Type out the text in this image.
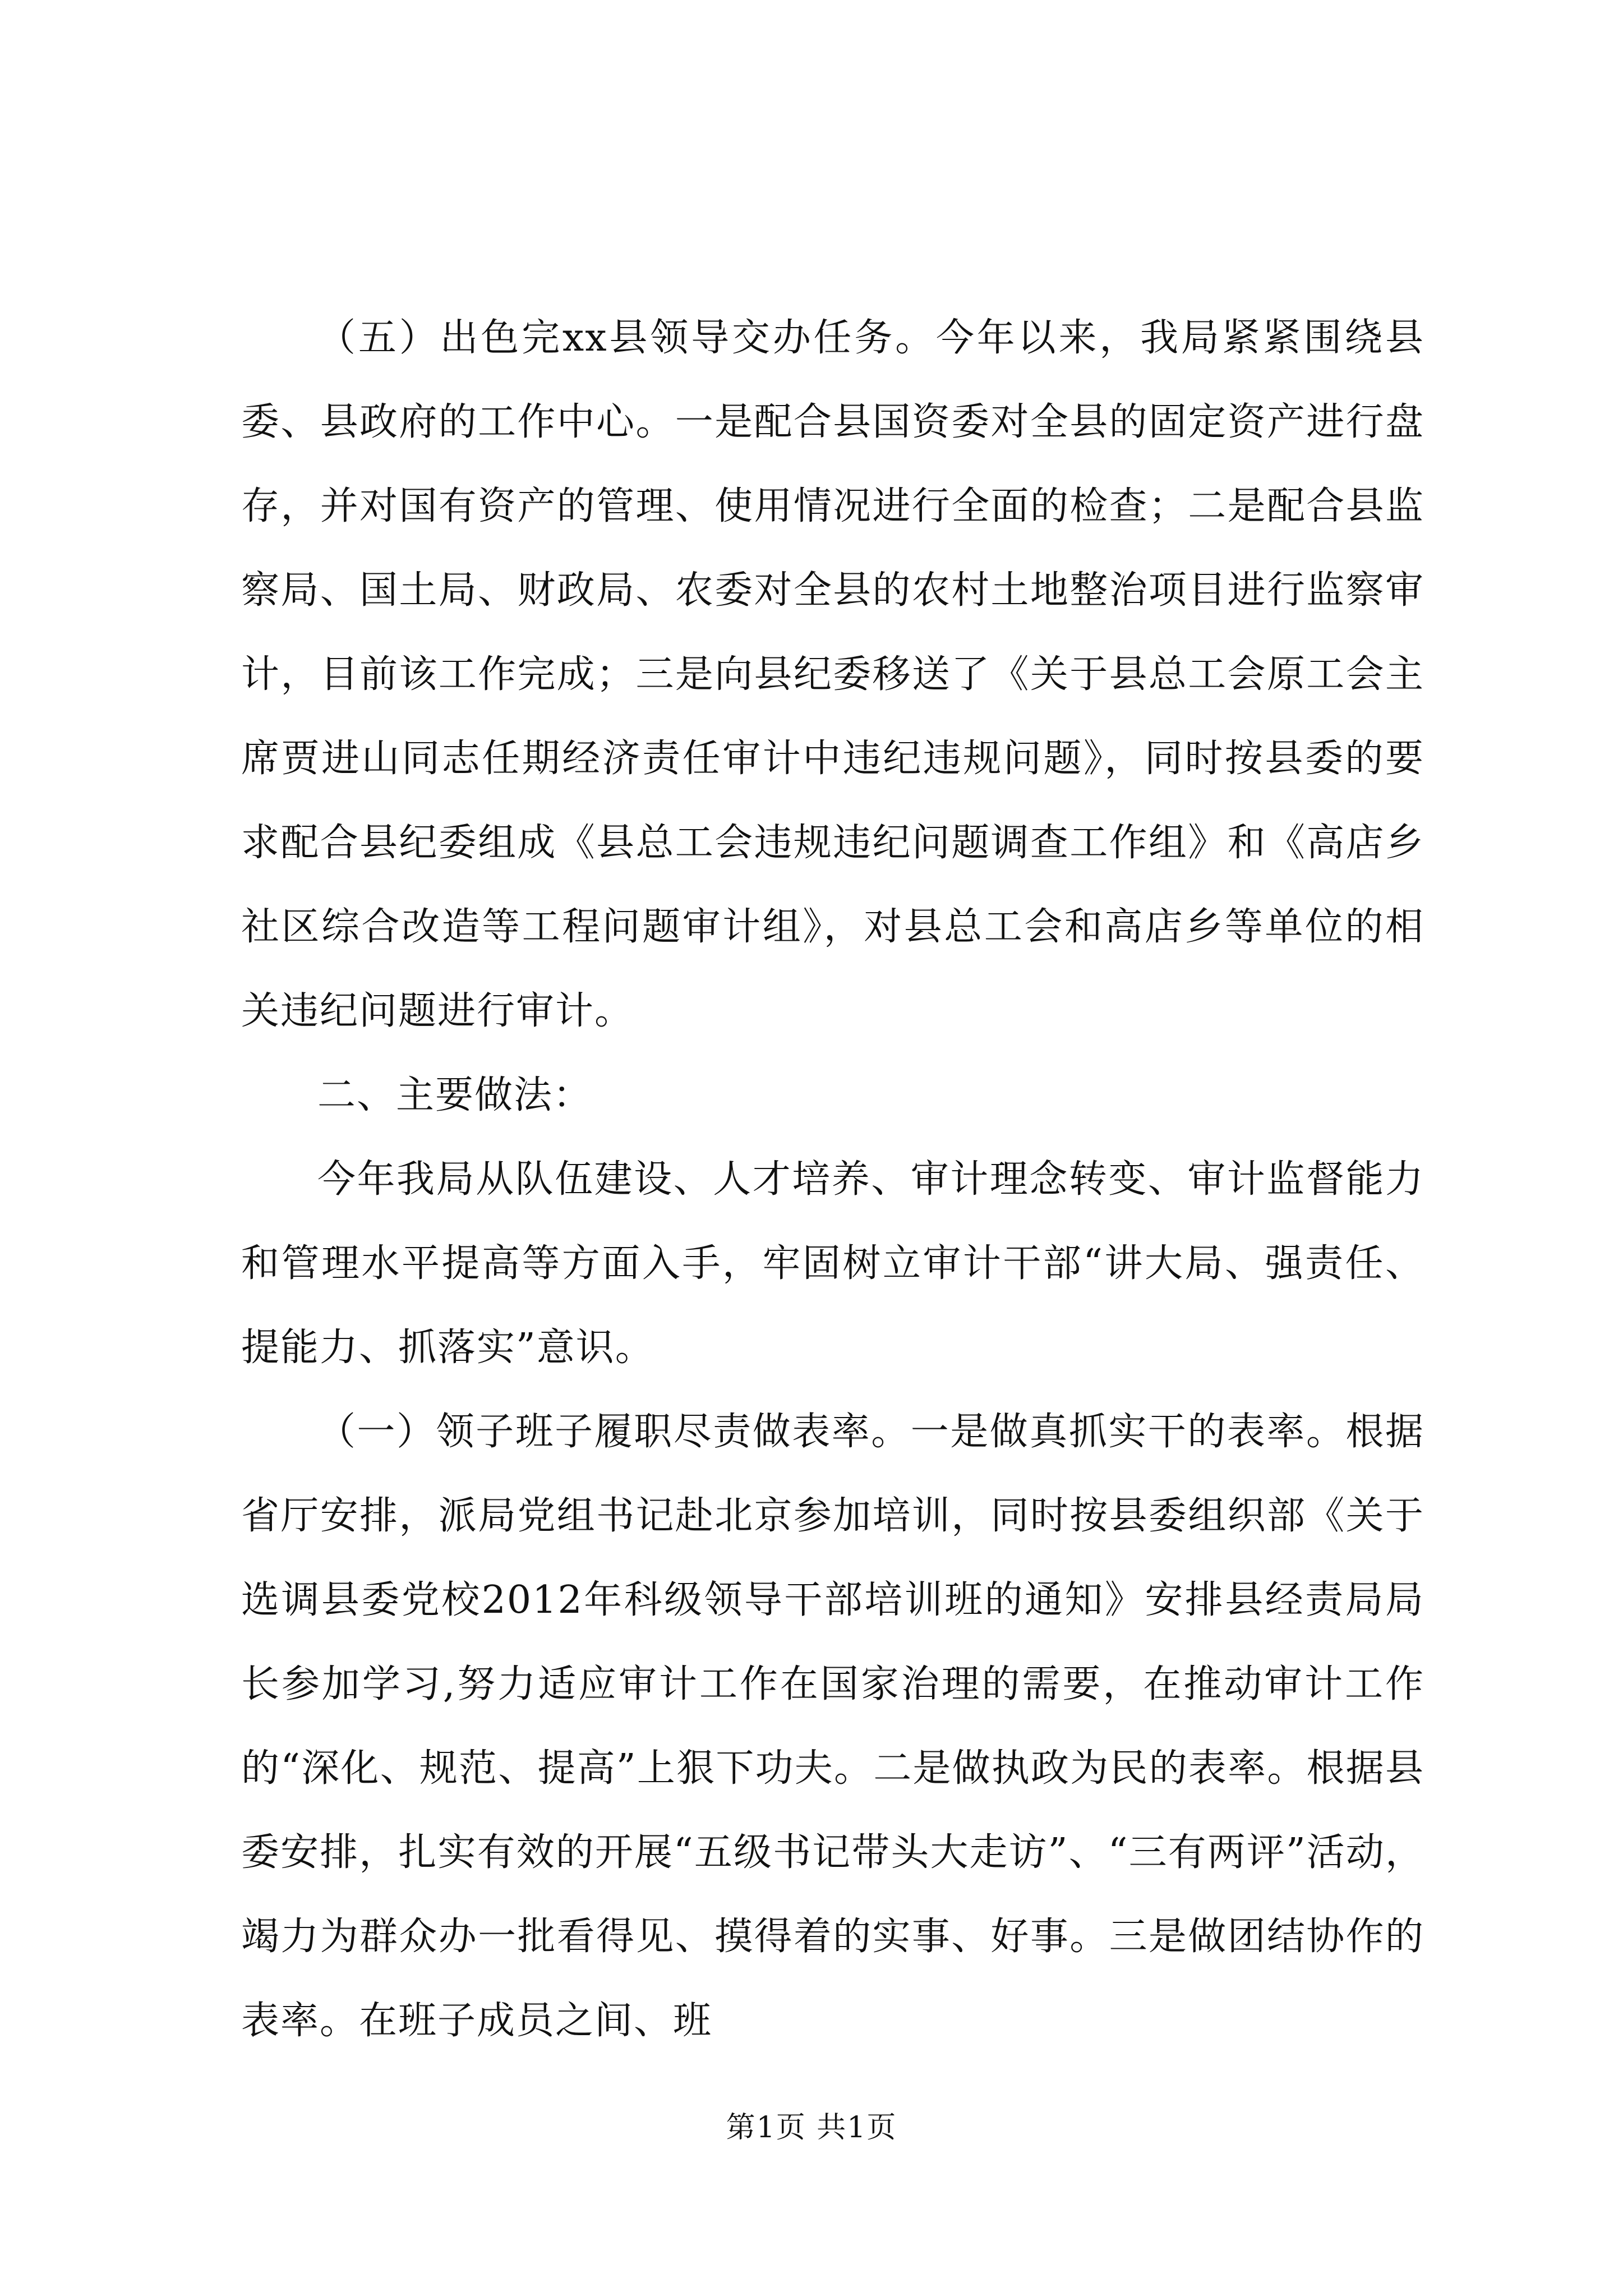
（五）出色完xx县领导交办任务。今年以来，我局紧紧围绕县委、县政府的工作中心。一是配合县国资委对全县的固定资产进行盘存，并对国有资产的管理、使用情况进行全面的检查；二是配合县监察局、国土局、财政局、农委对全县的农村土地整治项目进行监察审计，目前该工作完成；三是向县纪委移送了《关于县总工会原工会主席贾进山同志任期经济责任审计中违纪违规问题》，同时按县委的要求配合县纪委组成《县总工会违规违纪问题调查工作组》和《高店乡社区综合改造等工程问题审计组》，对县总工会和高店乡等单位的相关违纪问题进行审计。

二、主要做法：

今年我局从队伍建设、人才培养、审计理念转变、审计监督能力和管理水平提高等方面入手，牢固树立审计干部“讲大局、强责任、提能力、抓落实”意识。

（一）领子班子履职尽责做表率。一是做真抓实干的表率。根据省厅安排，派局党组书记赴北京参加培训，同时按县委组织部《关于选调县委党校2012年科级领导干部培训班的通知》安排县经责局局长参加学习,努力适应审计工作在国家治理的需要，在推动审计工作的“深化、规范、提高”上狠下功夫。二是做执政为民的表率。根据县委安排，扎实有效的开展“五级书记带头大走访”、“三有两评”活动，竭力为群众办一批看得见、摸得着的实事、好事。三是做团结协作的表率。在班子成员之间、班

第1页 共1页
